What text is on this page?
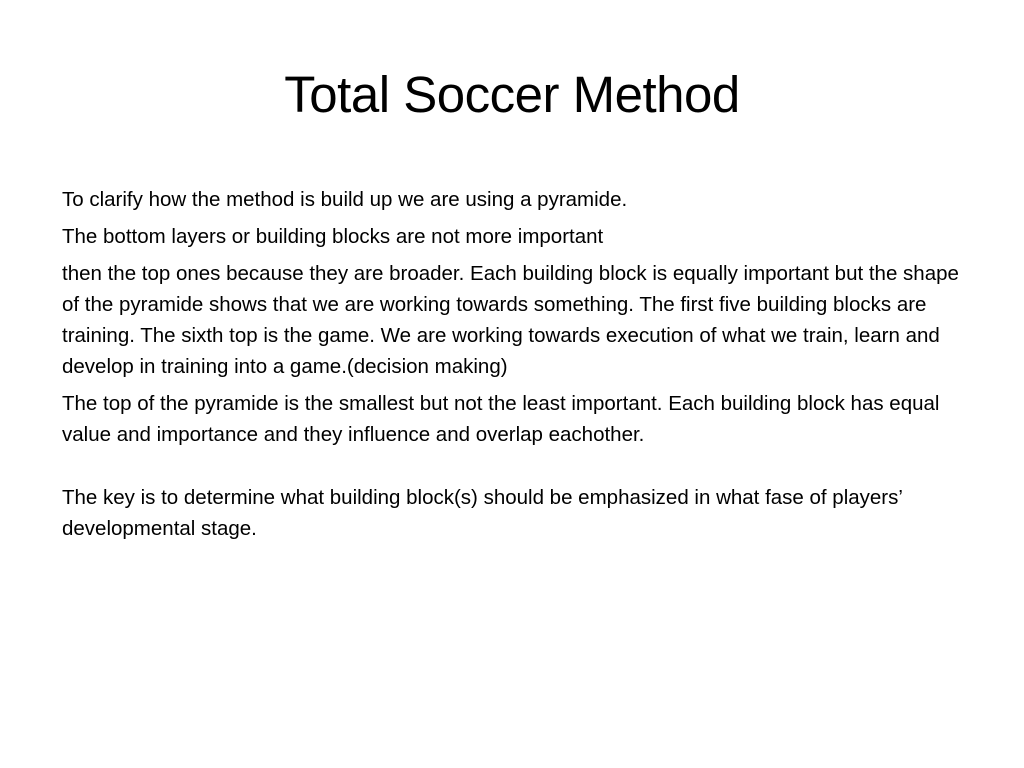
Total Soccer Method

To clarify how the method is build up we are using a pyramide.

The bottom layers or building blocks are not more important

then the top ones because they are broader. Each building block is equally important but the shape of the pyramide shows that we are working towards something. The first five building blocks are training. The sixth top is the game. We are working towards execution of what we train, learn and develop in training into a game.(decision making)

The top of the pyramide is the smallest but not the least important. Each building block has equal value and importance and they influence and overlap eachother.

The key is to determine what building block(s) should be emphasized in what fase of players’ developmental stage.
